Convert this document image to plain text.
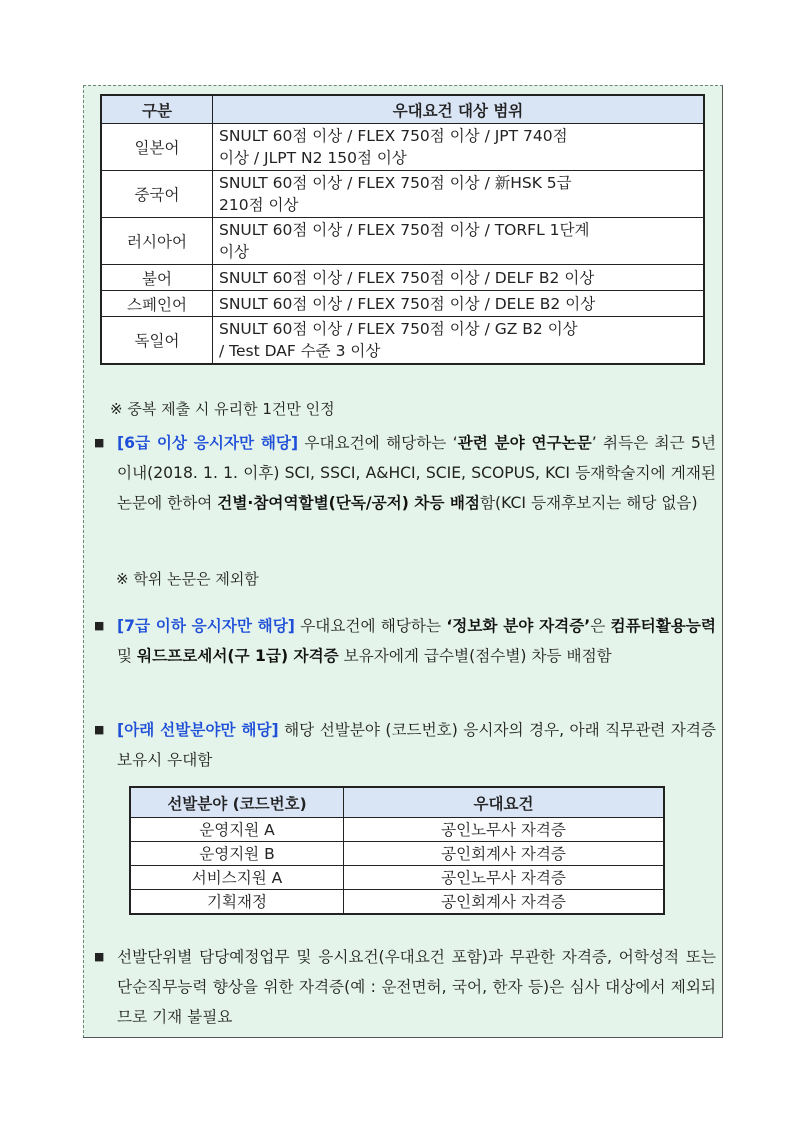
구분	우대요건 대상 범위
일본어	SNULT 60점 이상 / FLEX 750점 이상 / JPT 740점
이상 / JLPT N2 150점 이상
중국어	SNULT 60점 이상 / FLEX 750점 이상 / 新HSK 5급
210점 이상
러시아어	SNULT 60점 이상 / FLEX 750점 이상 / TORFL 1단계
이상
불어	SNULT 60점 이상 / FLEX 750점 이상 / DELF B2 이상
스페인어	SNULT 60점 이상 / FLEX 750점 이상 / DELE B2 이상
독일어	SNULT 60점 이상 / FLEX 750점 이상 / GZ B2 이상
/ Test DAF 수준 3 이상
※ 중복 제출 시 유리한 1건만 인정
■ [6급 이상 응시자만 해당] 우대요건에 해당하는 ‘관련 분야 연구논문’ 취득은 최근 5년 이내(2018. 1. 1. 이후) SCI, SSCI, A&HCI, SCIE, SCOPUS, KCI 등재학술지에 게재된 논문에 한하여 건별·참여역할별(단독/공저) 차등 배점함(KCI 등재후보지는 해당 없음)
※ 학위 논문은 제외함
■ [7급 이하 응시자만 해당] 우대요건에 해당하는 ‘정보화 분야 자격증’은 컴퓨터활용능력 및 워드프로세서(구 1급) 자격증 보유자에게 급수별(점수별) 차등 배점함
■ [아래 선발분야만 해당] 해당 선발분야 (코드번호) 응시자의 경우, 아래 직무관련 자격증 보유시 우대함
선발분야 (코드번호)	우대요건
운영지원 A	공인노무사 자격증
운영지원 B	공인회계사 자격증
서비스지원 A	공인노무사 자격증
기획재정	공인회계사 자격증
■ 선발단위별 담당예정업무 및 응시요건(우대요건 포함)과 무관한 자격증, 어학성적 또는 단순직무능력 향상을 위한 자격증(예 : 운전면허, 국어, 한자 등)은 심사 대상에서 제외되므로 기재 불필요
